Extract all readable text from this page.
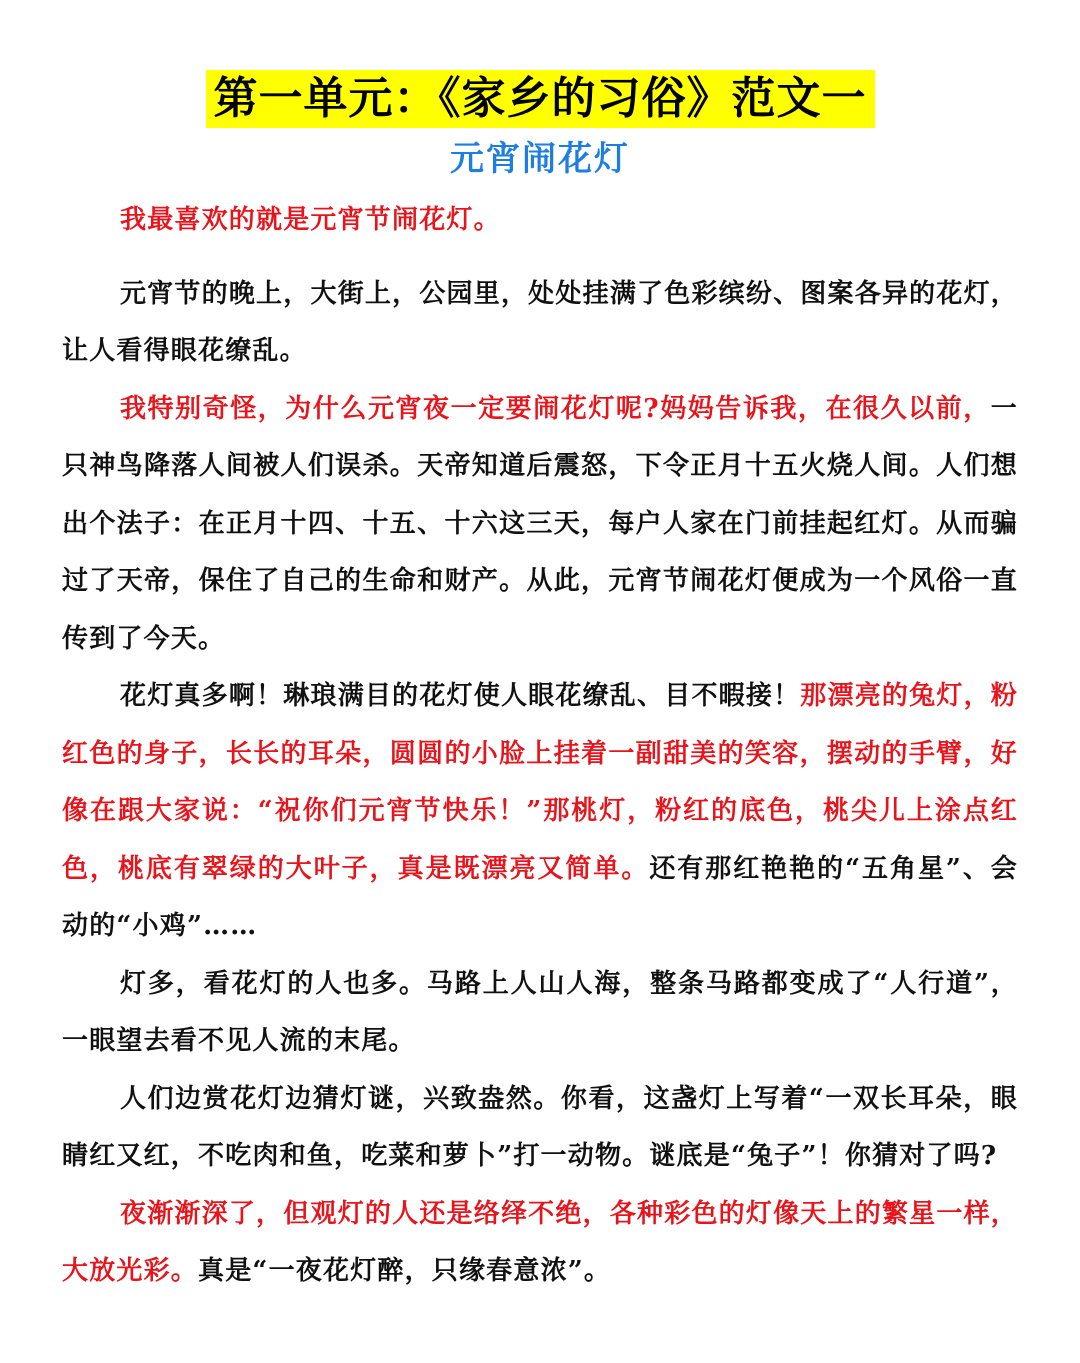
第一单元：《家乡的习俗》范文一
元宵闹花灯

我最喜欢的就是元宵节闹花灯。

元宵节的晚上，大街上，公园里，处处挂满了色彩缤纷、图案各异的花灯，让人看得眼花缭乱。

我特别奇怪，为什么元宵夜一定要闹花灯呢?妈妈告诉我，在很久以前，一只神鸟降落人间被人们误杀。天帝知道后震怒，下令正月十五火烧人间。人们想出个法子：在正月十四、十五、十六这三天，每户人家在门前挂起红灯。从而骗过了天帝，保住了自己的生命和财产。从此，元宵节闹花灯便成为一个风俗一直传到了今天。

花灯真多啊！琳琅满目的花灯使人眼花缭乱、目不暇接！那漂亮的兔灯，粉红色的身子，长长的耳朵，圆圆的小脸上挂着一副甜美的笑容，摆动的手臂，好像在跟大家说：“祝你们元宵节快乐！”那桃灯，粉红的底色，桃尖儿上涂点红色，桃底有翠绿的大叶子，真是既漂亮又简单。还有那红艳艳的“五角星”、会动的“小鸡”……

灯多，看花灯的人也多。马路上人山人海，整条马路都变成了“人行道”，一眼望去看不见人流的末尾。

人们边赏花灯边猜灯谜，兴致盎然。你看，这盏灯上写着“一双长耳朵，眼睛红又红，不吃肉和鱼，吃菜和萝卜”打一动物。谜底是“兔子”！你猜对了吗?

夜渐渐深了，但观灯的人还是络绎不绝，各种彩色的灯像天上的繁星一样，大放光彩。真是“一夜花灯醉，只缘春意浓”。
